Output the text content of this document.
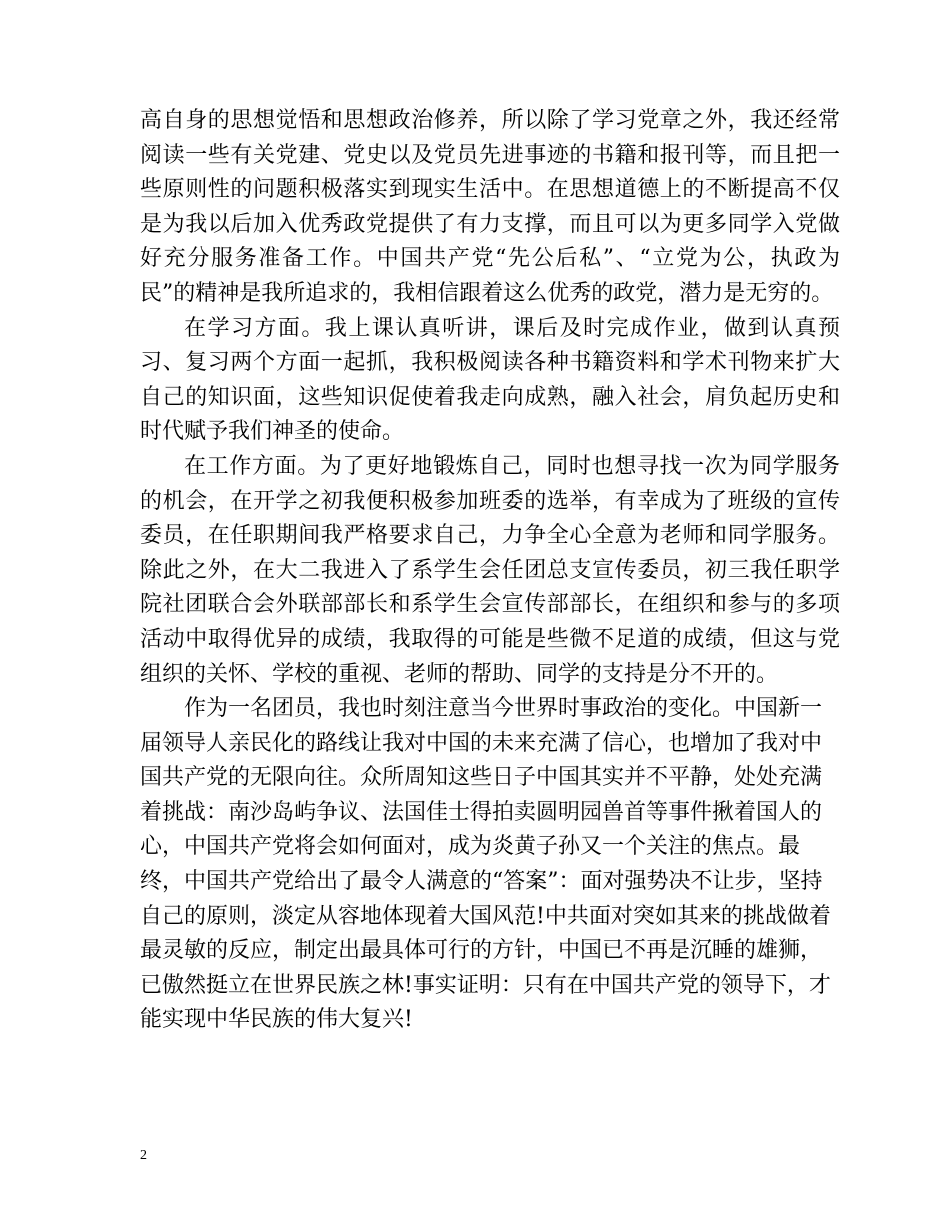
高自身的思想觉悟和思想政治修养，所以除了学习党章之外，我还经常阅读一些有关党建、党史以及党员先进事迹的书籍和报刊等，而且把一些原则性的问题积极落实到现实生活中。在思想道德上的不断提高不仅是为我以后加入优秀政党提供了有力支撑，而且可以为更多同学入党做好充分服务准备工作。中国共产党“先公后私”、“立党为公，执政为民”的精神是我所追求的，我相信跟着这么优秀的政党，潜力是无穷的。

在学习方面。我上课认真听讲，课后及时完成作业，做到认真预习、复习两个方面一起抓，我积极阅读各种书籍资料和学术刊物来扩大自己的知识面，这些知识促使着我走向成熟，融入社会，肩负起历史和时代赋予我们神圣的使命。

在工作方面。为了更好地锻炼自己，同时也想寻找一次为同学服务的机会，在开学之初我便积极参加班委的选举，有幸成为了班级的宣传委员，在任职期间我严格要求自己，力争全心全意为老师和同学服务。除此之外，在大二我进入了系学生会任团总支宣传委员，初三我任职学院社团联合会外联部部长和系学生会宣传部部长，在组织和参与的多项活动中取得优异的成绩，我取得的可能是些微不足道的成绩，但这与党组织的关怀、学校的重视、老师的帮助、同学的支持是分不开的。

作为一名团员，我也时刻注意当今世界时事政治的变化。中国新一届领导人亲民化的路线让我对中国的未来充满了信心，也增加了我对中国共产党的无限向往。众所周知这些日子中国其实并不平静，处处充满着挑战：南沙岛屿争议、法国佳士得拍卖圆明园兽首等事件揪着国人的心，中国共产党将会如何面对，成为炎黄子孙又一个关注的焦点。最终，中国共产党给出了最令人满意的“答案”：面对强势决不让步，坚持自己的原则，淡定从容地体现着大国风范!中共面对突如其来的挑战做着最灵敏的反应，制定出最具体可行的方针，中国已不再是沉睡的雄狮，已傲然挺立在世界民族之林!事实证明：只有在中国共产党的领导下，才能实现中华民族的伟大复兴!

2
